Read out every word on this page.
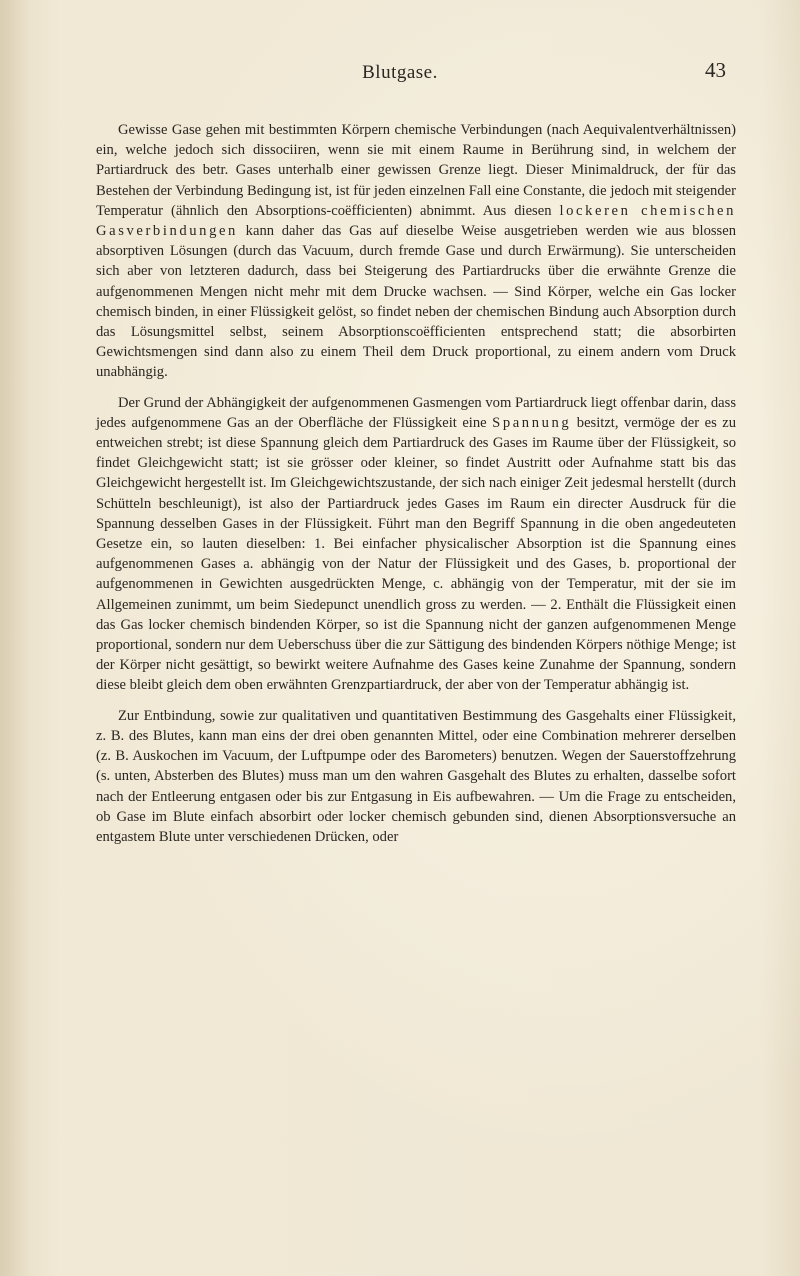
Blutgase.	43

Gewisse Gase gehen mit bestimmten Körpern chemische Verbindungen (nach Aequivalentverhältnissen) ein, welche jedoch sich dissociiren, wenn sie mit einem Raume in Berührung sind, in welchem der Partiardruck des betr. Gases unterhalb einer gewissen Grenze liegt. Dieser Minimaldruck, der für das Bestehen der Verbindung Bedingung ist, ist für jeden einzelnen Fall eine Constante, die jedoch mit steigender Temperatur (ähnlich den Absorptions-coëfficienten) abnimmt. Aus diesen lockeren chemischen Gasverbindungen kann daher das Gas auf dieselbe Weise ausgetrieben werden wie aus blossen absorptiven Lösungen (durch das Vacuum, durch fremde Gase und durch Erwärmung). Sie unterscheiden sich aber von letzteren dadurch, dass bei Steigerung des Partiardrucks über die erwähnte Grenze die aufgenommenen Mengen nicht mehr mit dem Drucke wachsen. — Sind Körper, welche ein Gas locker chemisch binden, in einer Flüssigkeit gelöst, so findet neben der chemischen Bindung auch Absorption durch das Lösungsmittel selbst, seinem Absorptionscoëfficienten entsprechend statt; die absorbirten Gewichtsmengen sind dann also zu einem Theil dem Druck proportional, zu einem andern vom Druck unabhängig.

Der Grund der Abhängigkeit der aufgenommenen Gasmengen vom Partiardruck liegt offenbar darin, dass jedes aufgenommene Gas an der Oberfläche der Flüssigkeit eine Spannung besitzt, vermöge der es zu entweichen strebt; ist diese Spannung gleich dem Partiardruck des Gases im Raume über der Flüssigkeit, so findet Gleichgewicht statt; ist sie grösser oder kleiner, so findet Austritt oder Aufnahme statt bis das Gleichgewicht hergestellt ist. Im Gleichgewichtszustande, der sich nach einiger Zeit jedesmal herstellt (durch Schütteln beschleunigt), ist also der Partiardruck jedes Gases im Raum ein directer Ausdruck für die Spannung desselben Gases in der Flüssigkeit. Führt man den Begriff Spannung in die oben angedeuteten Gesetze ein, so lauten dieselben: 1. Bei einfacher physicalischer Absorption ist die Spannung eines aufgenommenen Gases a. abhängig von der Natur der Flüssigkeit und des Gases, b. proportional der aufgenommenen in Gewichten ausgedrückten Menge, c. abhängig von der Temperatur, mit der sie im Allgemeinen zunimmt, um beim Siedepunct unendlich gross zu werden. — 2. Enthält die Flüssigkeit einen das Gas locker chemisch bindenden Körper, so ist die Spannung nicht der ganzen aufgenommenen Menge proportional, sondern nur dem Ueberschuss über die zur Sättigung des bindenden Körpers nöthige Menge; ist der Körper nicht gesättigt, so bewirkt weitere Aufnahme des Gases keine Zunahme der Spannung, sondern diese bleibt gleich dem oben erwähnten Grenzpartiardruck, der aber von der Temperatur abhängig ist.

Zur Entbindung, sowie zur qualitativen und quantitativen Bestimmung des Gasgehalts einer Flüssigkeit, z. B. des Blutes, kann man eins der drei oben genannten Mittel, oder eine Combination mehrerer derselben (z. B. Auskochen im Vacuum, der Luftpumpe oder des Barometers) benutzen. Wegen der Sauerstoffzehrung (s. unten, Absterben des Blutes) muss man um den wahren Gasgehalt des Blutes zu erhalten, dasselbe sofort nach der Entleerung entgasen oder bis zur Entgasung in Eis aufbewahren. — Um die Frage zu entscheiden, ob Gase im Blute einfach absorbirt oder locker chemisch gebunden sind, dienen Absorptionsversuche an entgastem Blute unter verschiedenen Drücken, oder
